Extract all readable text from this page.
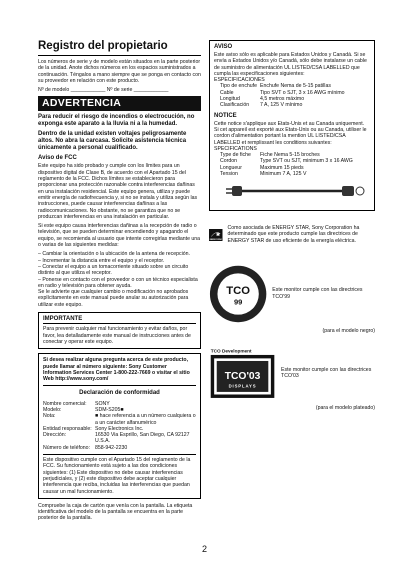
Registro del propietario

Los números de serie y de modelo están situados en la parte posterior de la unidad. Anote dichos números en los espacios suministrados a continuación. Téngalos a mano siempre que se ponga en contacto con su proveedor en relación con este producto.

Nº de modelo ____________ Nº de serie ____________

ADVERTENCIA

Para reducir el riesgo de incendios o electrocución, no exponga este aparato a la lluvia ni a la humedad.

Dentro de la unidad existen voltajes peligrosamente altos. No abra la carcasa. Solicite asistencia técnica únicamente a personal cualificado.

Aviso de FCC

Este equipo ha sido probado y cumple con los límites para un dispositivo digital de Clase B, de acuerdo con el Apartado 15 del reglamento de la FCC. Dichos límites se establecieron para proporcionar una protección razonable contra interferencias dañinas en una instalación residencial. Este equipo genera, utiliza y puede emitir energía de radiofrecuencia y, si no se instala y utiliza según las instrucciones, puede causar interferencias dañinas a las radiocomunicaciones. No obstante, no se garantiza que no se produzcan interferencias en una instalación en particular.

Si este equipo causa interferencias dañinas a la recepción de radio o televisión, que se pueden determinar encendiendo y apagando el equipo, se recomienda al usuario que intente corregirlas mediante una o varias de las siguientes medidas:

– Cambiar la orientación o la ubicación de la antena de recepción.
– Incrementar la distancia entre el equipo y el receptor.
– Conectar el equipo a un tomacorriente situado sobre un circuito distinto al que utiliza el receptor.
– Ponerse en contacto con el proveedor o con un técnico especialista en radio y televisión para obtener ayuda.

Se le advierte que cualquier cambio o modificación no aprobados explícitamente en este manual puede anular su autorización para utilizar este equipo.

IMPORTANTE
Para prevenir cualquier mal funcionamiento y evitar daños, por favor, lea detalladamente este manual de instrucciones antes de conectar y operar este equipo.
Si desea realizar alguna pregunta acerca de este producto, puede llamar al número siguiente: Sony Customer Information Services Center 1-800-222-7669 o visitar el sitio Web http://www.sony.com/
Declaración de conformidad
Nombre comercial:	SONY
Modelo:	SDM-S205■
Nota:	■ hace referencia a un número cualquiera o a un carácter alfanumérico
Entidad responsable: Sony Electronics Inc.
Dirección:	16530 Via Esprillo, San Diego, CA 92127 U.S.A.
Número de teléfono: 858-942-2230
Este dispositivo cumple con el Apartado 15 del reglamento de la FCC. Su funcionamiento está sujeto a las dos condiciones siguientes: (1) Este dispositivo no debe causar interferencias perjudiciales, y (2) este dispositivo debe aceptar cualquier interferencia que reciba, incluidas las interferencias que puedan causar un mal funcionamiento.

Compruebe la caja de cartón que venía con la pantalla. La etiqueta identificativa del modelo de la pantalla se encuentra en la parte posterior de la pantalla.

AVISO
Este aviso sólo es aplicable para Estados Unidos y Canadá. Si se envía a Estados Unidos y/o Canadá, sólo debe instalarse un cable de suministro de alimentación UL LISTED/CSA LABELLED que cumpla las especificaciones siguientes:
ESPECIFICACIONES
Tipo de enchufe Enchufe Nema de 5-15 patillas
Cable	Tipo SVT o SJT, 3 x 16 AWG mínimo
Longitud	4,5 metros máximo
Clasificación	7 A, 125 V mínimo
NOTICE
Cette notice s'applique aux Etats-Unis et au Canada uniquement. Si cet appareil est exporté aux Etats-Unis ou au Canada, utiliser le cordon d'alimentation portant la mention UL LISTED/CSA LABELLED et remplissant les conditions suivantes:
SPECIFICATIONS
Type de fiche	Fiche Nema 5-15 broches
Cordon	Type SVT ou SJT, minimum 3 x 16 AWG
Longueur	Maximum 15 pieds
Tension	Minimum 7 A, 125 V
ENERGY STAR
Como asociada de ENERGY STAR, Sony Corporation ha determinado que este producto cumple las directrices de ENERGY STAR de uso eficiente de la energía eléctrica.
TCO
99
Este monitor cumple con las directrices TCO'99
(para el modelo negro)
TCO Development
TCO'03
DISPLAYS
Este monitor cumple con las directrices TCO'03
(para el modelo plateado)
2
